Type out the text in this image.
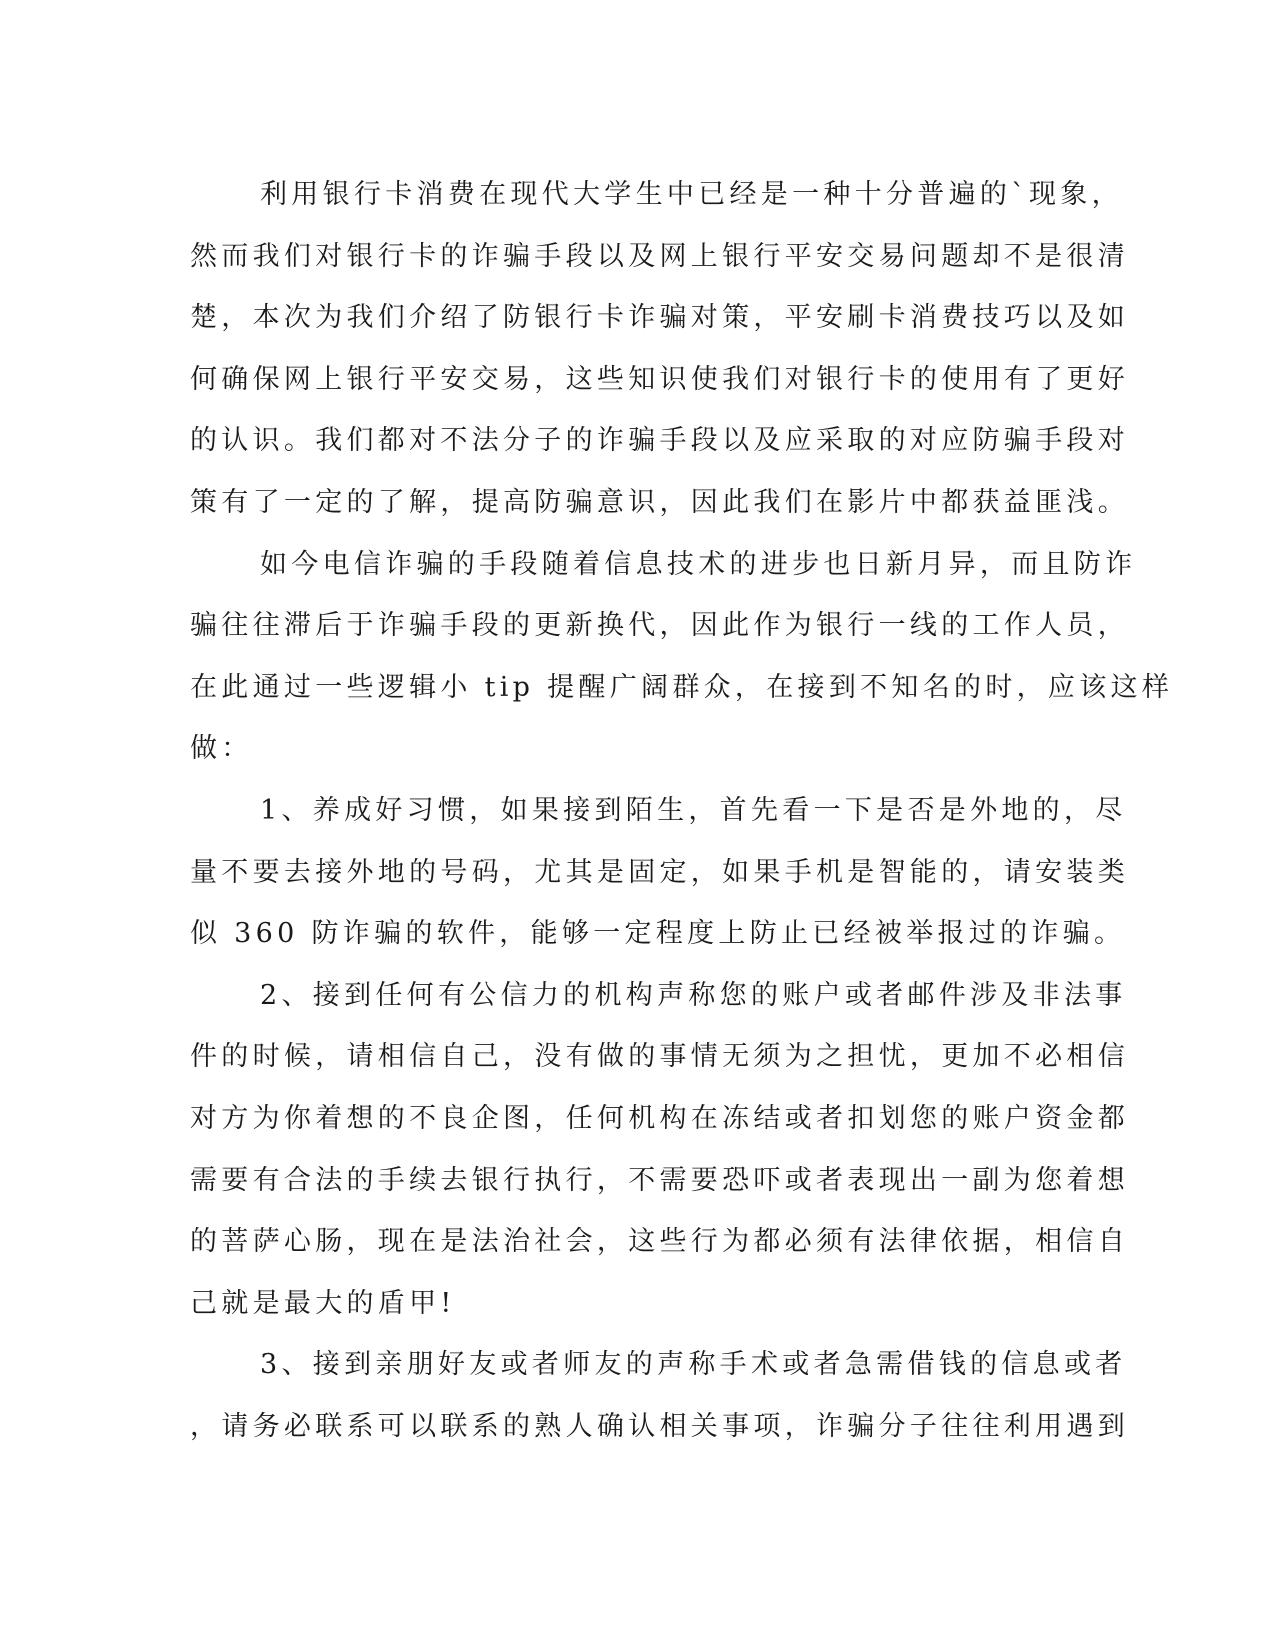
利用银行卡消费在现代大学生中已经是一种十分普遍的`现象，
然而我们对银行卡的诈骗手段以及网上银行平安交易问题却不是很清
楚，本次为我们介绍了防银行卡诈骗对策，平安刷卡消费技巧以及如
何确保网上银行平安交易，这些知识使我们对银行卡的使用有了更好
的认识。我们都对不法分子的诈骗手段以及应采取的对应防骗手段对
策有了一定的了解，提高防骗意识，因此我们在影片中都获益匪浅。
如今电信诈骗的手段随着信息技术的进步也日新月异，而且防诈
骗往往滞后于诈骗手段的更新换代，因此作为银行一线的工作人员，
在此通过一些逻辑小 tip 提醒广阔群众，在接到不知名的时，应该这样
做：
1、养成好习惯，如果接到陌生，首先看一下是否是外地的，尽
量不要去接外地的号码，尤其是固定，如果手机是智能的，请安装类
似 360 防诈骗的软件，能够一定程度上防止已经被举报过的诈骗。
2、接到任何有公信力的机构声称您的账户或者邮件涉及非法事
件的时候，请相信自己，没有做的事情无须为之担忧，更加不必相信
对方为你着想的不良企图，任何机构在冻结或者扣划您的账户资金都
需要有合法的手续去银行执行，不需要恐吓或者表现出一副为您着想
的菩萨心肠，现在是法治社会，这些行为都必须有法律依据，相信自
己就是最大的盾甲!
3、接到亲朋好友或者师友的声称手术或者急需借钱的信息或者
，请务必联系可以联系的熟人确认相关事项，诈骗分子往往利用遇到
